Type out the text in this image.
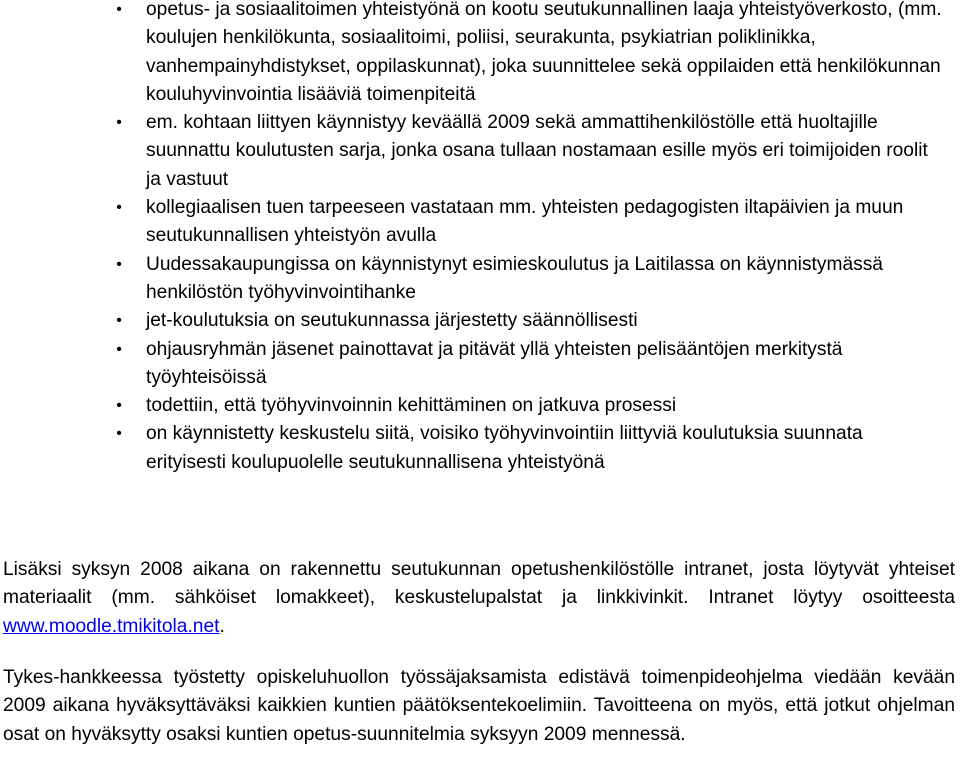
•	opetus- ja sosiaalitoimen yhteistyönä on kootu seutukunnallinen laaja yhteistyöverkosto, (mm. koulujen henkilökunta, sosiaalitoimi, poliisi, seurakunta, psykiatrian poliklinikka, vanhempainyhdistykset, oppilaskunnat), joka suunnittelee sekä oppilaiden että henkilökunnan kouluhyvinvointia lisääviä toimenpiteitä
•	em. kohtaan liittyen käynnistyy keväällä 2009 sekä ammattihenkilöstölle että huoltajille suunnattu koulutusten sarja, jonka osana tullaan nostamaan esille myös eri toimijoiden roolit ja vastuut
•	kollegiaalisen tuen tarpeeseen vastataan mm. yhteisten pedagogisten iltapäivien ja muun seutukunnallisen yhteistyön avulla
•	Uudessakaupungissa on käynnistynyt esimieskoulutus ja Laitilassa on käynnistymässä henkilöstön työhyvinvointihanke
•	jet-koulutuksia on seutukunnassa järjestetty säännöllisesti
•	ohjausryhmän jäsenet painottavat ja pitävät yllä yhteisten pelisääntöjen merkitystä työyhteisöissä
•	todettiin, että työhyvinvoinnin kehittäminen on jatkuva prosessi
•	on käynnistetty keskustelu siitä, voisiko työhyvinvointiin liittyviä koulutuksia suunnata erityisesti koulupuolelle seutukunnallisena yhteistyönä

Lisäksi syksyn 2008 aikana on rakennettu seutukunnan opetushenkilöstölle intranet, josta löytyvät yhteiset materiaalit (mm. sähköiset lomakkeet), keskustelupalstat ja linkkivinkit. Intranet löytyy osoitteesta www.moodle.tmikitola.net.

Tykes-hankkeessa työstetty opiskeluhuollon työssäjaksamista edistävä toimenpideohjelma viedään kevään 2009 aikana hyväksyttäväksi kaikkien kuntien päätöksentekoelimiin. Tavoitteena on myös, että jotkut ohjelman osat on hyväksytty osaksi kuntien opetus-suunnitelmia syksyyn 2009 mennessä.
